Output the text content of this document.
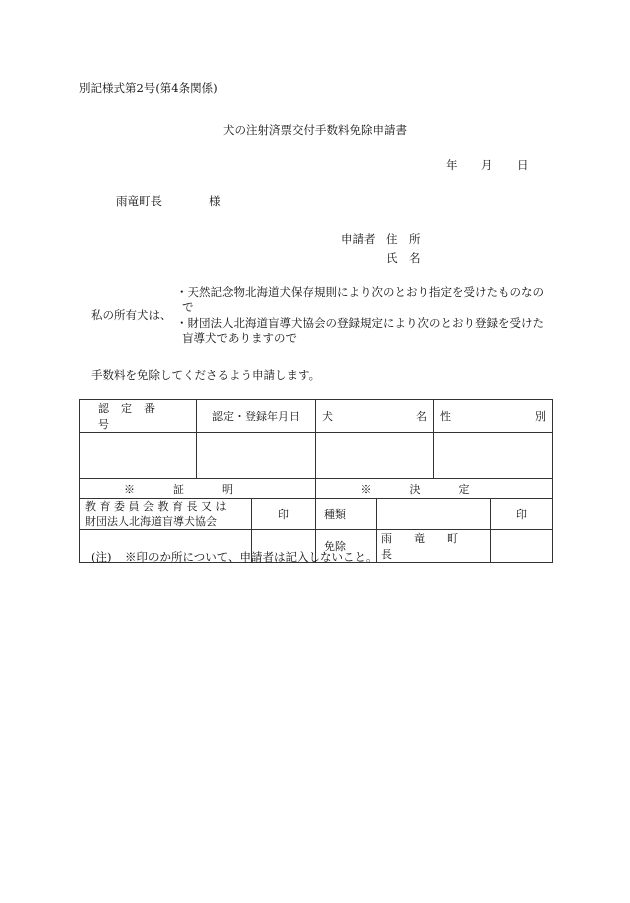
別記様式第2号(第4条関係)
犬の注射済票交付手数料免除申請書
年 月 日
雨竜町長	様
申請者 住　所
氏　名
私の所有犬は、
・天然記念物北海道犬保存規則により次のとおり指定を受けたものなの
で
・財団法人北海道盲導犬協会の登録規定により次のとおり登録を受けた
盲導犬でありますので
手数料を免除してくださるよう申請します。
認定番号	認定・登録年月日		犬 名		性 別	

※証明			※決定			

教育委員会教育長又は
財団法人北海道盲導犬協会		印	種類			印

免除	雨竜町長		
(注) ※印のか所について、申請者は記入しないこと。
